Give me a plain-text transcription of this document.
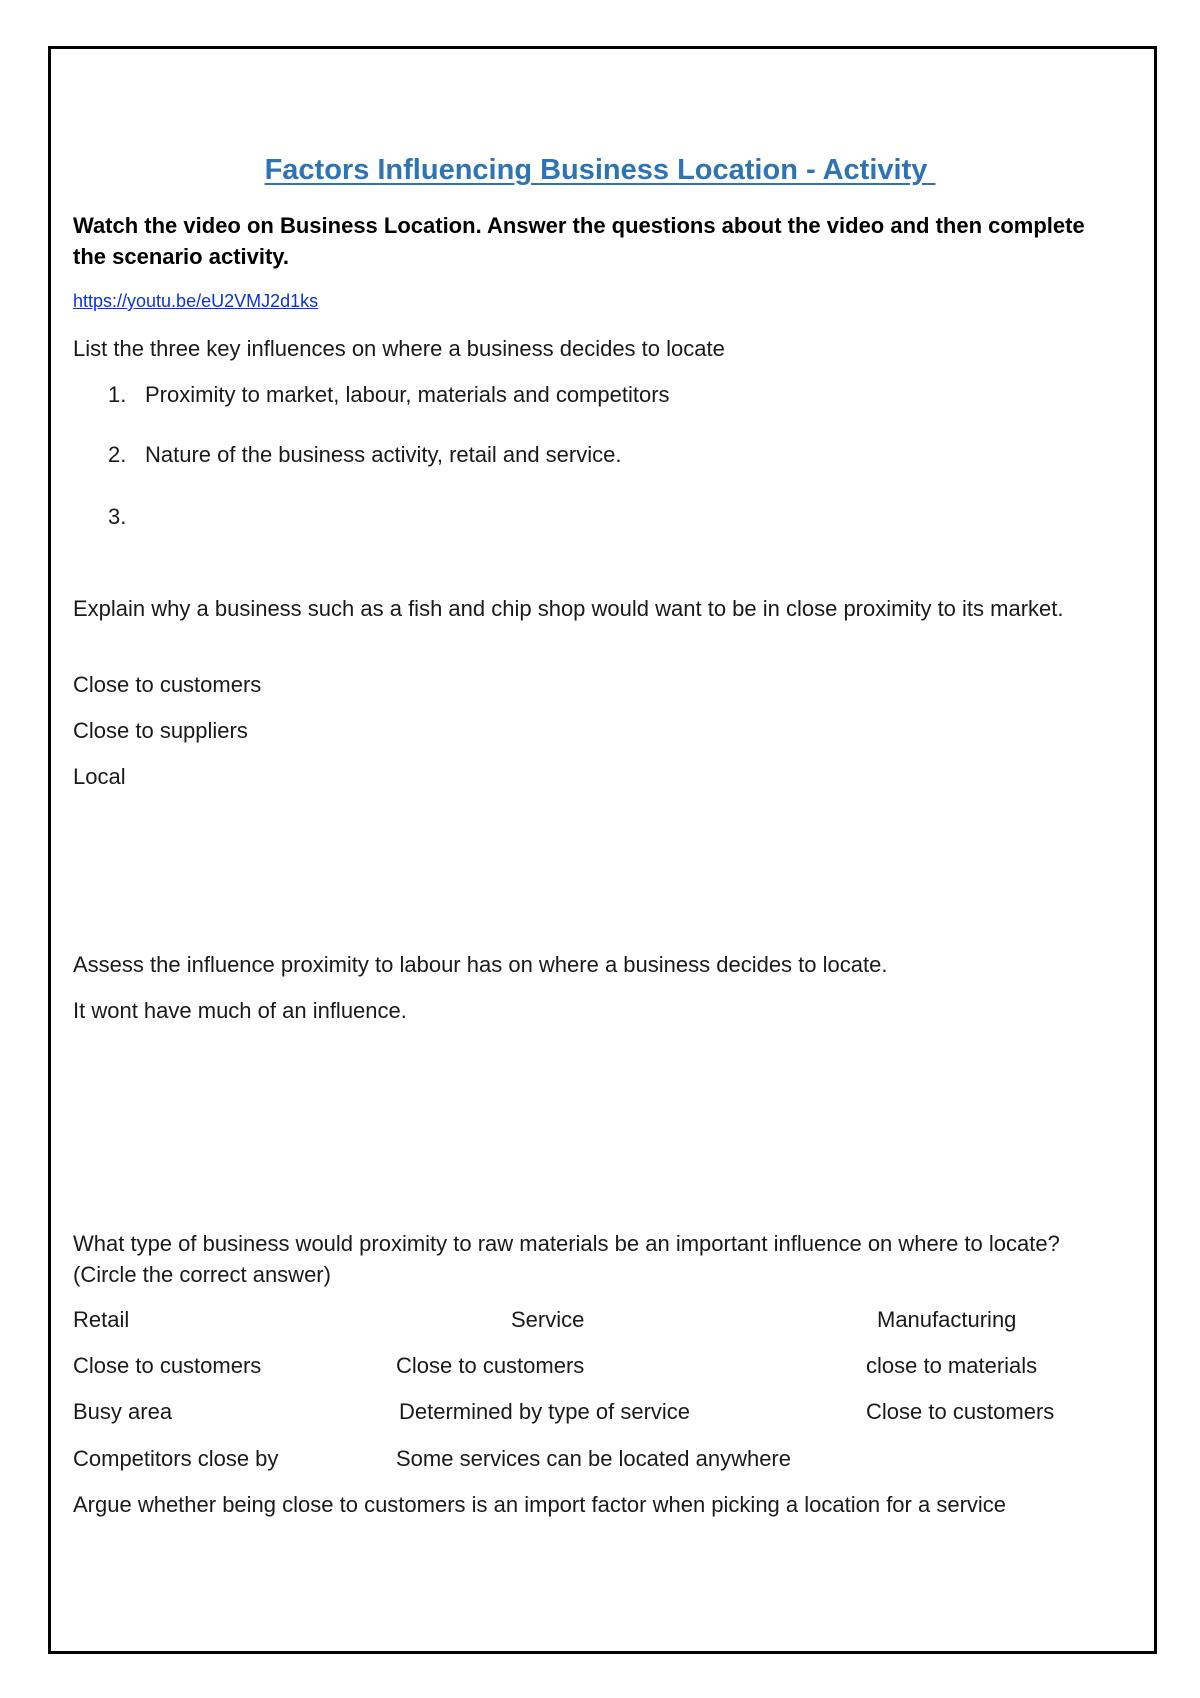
Factors Influencing Business Location - Activity
Watch the video on Business Location. Answer the questions about the video and then complete the scenario activity.
https://youtu.be/eU2VMJ2d1ks
List the three key influences on where a business decides to locate
1. Proximity to market, labour, materials and competitors
2. Nature of the business activity, retail and service.
3.
Explain why a business such as a fish and chip shop would want to be in close proximity to its market.
Close to customers
Close to suppliers
Local
Assess the influence proximity to labour has on where a business decides to locate.
It wont have much of an influence.
What type of business would proximity to raw materials be an important influence on where to locate? (Circle the correct answer)
Retail	Service	Manufacturing
Close to customers	Close to customers	close to materials
Busy area	Determined by type of service	Close to customers
Competitors close by	Some services can be located anywhere
Argue whether being close to customers is an import factor when picking a location for a service
